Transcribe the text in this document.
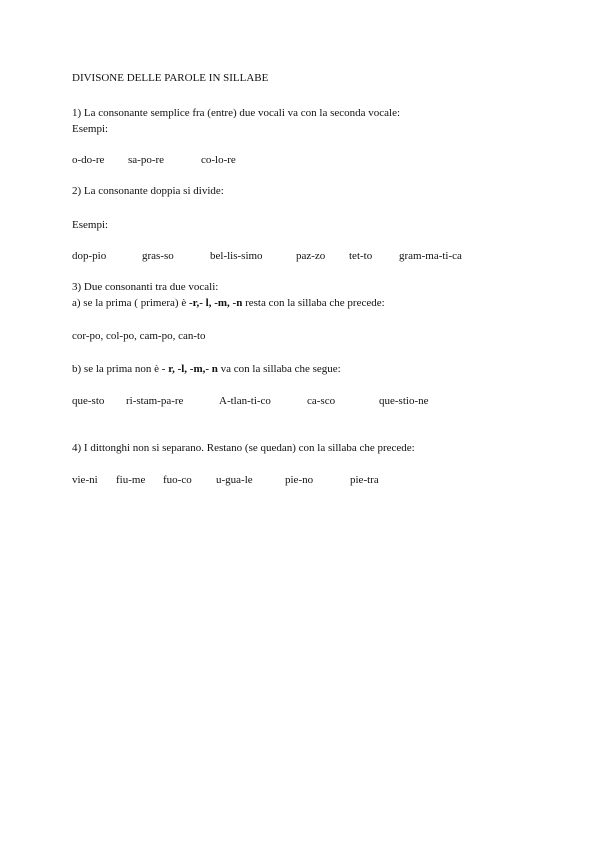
DIVISONE DELLE PAROLE IN SILLABE
1) La consonante semplice fra (entre) due vocali va con la seconda vocale:
Esempi:
o-do-re sa-po-re	co-lo-re
2) La consonante doppia si divide:
Esempi:
dop-pio	gras-so	bel-lis-simo	paz-zo tet-to gram-ma-ti-ca
3) Due consonanti tra due vocali:
a) se la prima ( primera) è -r,- l, -m, -n resta con la sillaba che precede:
cor-po, col-po, cam-po, can-to
b) se la prima non è - r, -l, -m,- n va con la sillaba che segue:
que-sto ri-stam-pa-re	A-tlan-ti-co	ca-sco	que-stio-ne
4) I dittonghi non si separano. Restano (se quedan) con la sillaba che precede:
vie-ni fiu-me fuo-co u-gua-le	pie-no	pie-tra
